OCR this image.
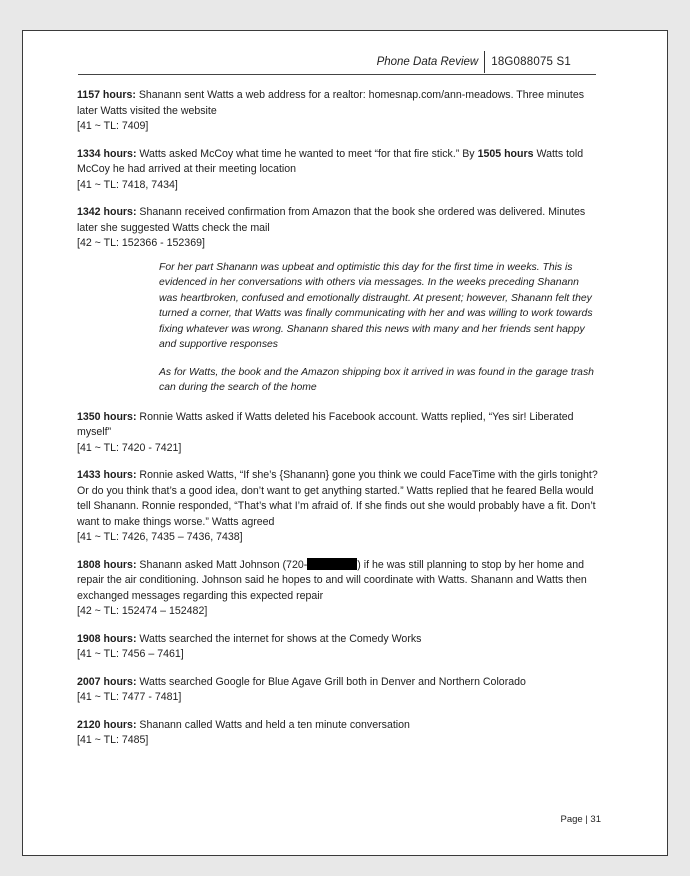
Phone Data Review	18G088075 S1
1157 hours: Shanann sent Watts a web address for a realtor: homesnap.com/ann-meadows. Three minutes later Watts visited the website
[41 ~ TL: 7409]
1334 hours: Watts asked McCoy what time he wanted to meet “for that fire stick.” By 1505 hours Watts told McCoy he had arrived at their meeting location
[41 ~ TL: 7418, 7434]
1342 hours: Shanann received confirmation from Amazon that the book she ordered was delivered. Minutes later she suggested Watts check the mail
[42 ~ TL: 152366 - 152369]

For her part Shanann was upbeat and optimistic this day for the first time in weeks. This is evidenced in her conversations with others via messages. In the weeks preceding Shanann was heartbroken, confused and emotionally distraught. At present; however, Shanann felt they turned a corner, that Watts was finally communicating with her and was willing to work towards fixing whatever was wrong. Shanann shared this news with many and her friends sent happy and supportive responses

As for Watts, the book and the Amazon shipping box it arrived in was found in the garage trash can during the search of the home

1350 hours: Ronnie Watts asked if Watts deleted his Facebook account. Watts replied, “Yes sir! Liberated myself”
[41 ~ TL: 7420 - 7421]
1433 hours: Ronnie asked Watts, “If she’s {Shanann} gone you think we could FaceTime with the girls tonight? Or do you think that’s a good idea, don’t want to get anything started.” Watts replied that he feared Bella would tell Shanann. Ronnie responded, “That’s what I’m afraid of. If she finds out she would probably have a fit. Don’t want to make things worse.” Watts agreed
[41 ~ TL: 7426, 7435 – 7436, 7438]
1808 hours: Shanann asked Matt Johnson (720-	) if he was still planning to stop by her home and repair the air conditioning. Johnson said he hopes to and will coordinate with Watts. Shanann and Watts then exchanged messages regarding this expected repair
[42 ~ TL: 152474 – 152482]
1908 hours: Watts searched the internet for shows at the Comedy Works
[41 ~ TL: 7456 – 7461]
2007 hours: Watts searched Google for Blue Agave Grill both in Denver and Northern Colorado
[41 ~ TL: 7477 - 7481]
2120 hours: Shanann called Watts and held a ten minute conversation
[41 ~ TL: 7485]
Page | 31
